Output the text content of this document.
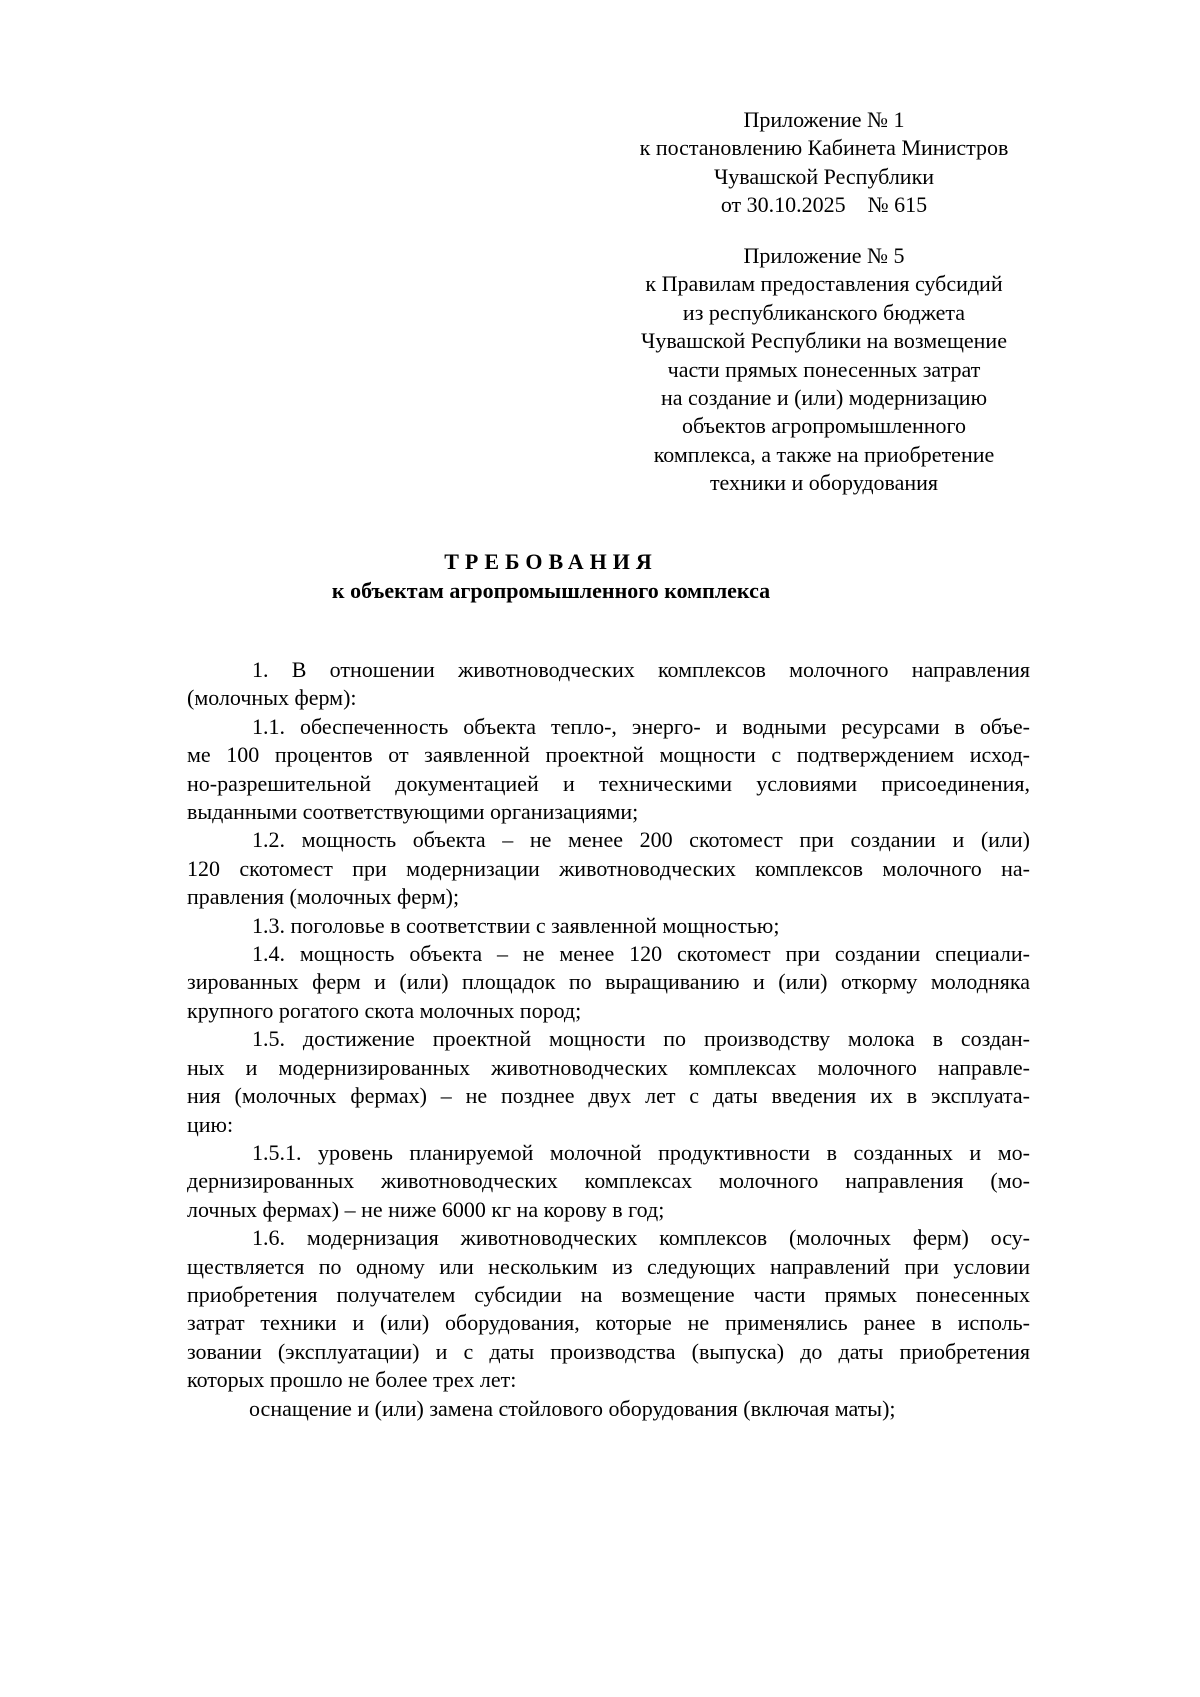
Приложение № 1
к постановлению Кабинета Министров
Чувашской Республики
от 30.10.2025    № 615
Приложение № 5
к Правилам предоставления субсидий
из республиканского бюджета
Чувашской Республики на возмещение
части прямых понесенных затрат
на создание и (или) модернизацию
объектов агропромышленного
комплекса, а также на приобретение
техники и оборудования
ТРЕБОВАНИЯ
к объектам агропромышленного комплекса
1. В отношении животноводческих комплексов молочного направления
(молочных ферм):
1.1. обеспеченность объекта тепло-, энерго- и водными ресурсами в объе-
ме 100 процентов от заявленной проектной мощности с подтверждением исход-
но-разрешительной документацией и техническими условиями присоединения,
выданными соответствующими организациями;
1.2. мощность объекта – не менее 200 скотомест при создании и (или)
120 скотомест при модернизации животноводческих комплексов молочного на-
правления (молочных ферм);
1.3. поголовье в соответствии с заявленной мощностью;
1.4. мощность объекта – не менее 120 скотомест при создании специали-
зированных ферм и (или) площадок по выращиванию и (или) откорму молодняка
крупного рогатого скота молочных пород;
1.5. достижение проектной мощности по производству молока в создан-
ных и модернизированных животноводческих комплексах молочного направле-
ния (молочных фермах) – не позднее двух лет с даты введения их в эксплуата-
цию:
1.5.1. уровень планируемой молочной продуктивности в созданных и мо-
дернизированных животноводческих комплексах молочного направления (мо-
лочных фермах) – не ниже 6000 кг на корову в год;
1.6. модернизация животноводческих комплексов (молочных ферм) осу-
ществляется по одному или нескольким из следующих направлений при условии
приобретения получателем субсидии на возмещение части прямых понесенных
затрат техники и (или) оборудования, которые не применялись ранее в исполь-
зовании (эксплуатации) и с даты производства (выпуска) до даты приобретения
которых прошло не более трех лет:
оснащение и (или) замена стойлового оборудования (включая маты);
